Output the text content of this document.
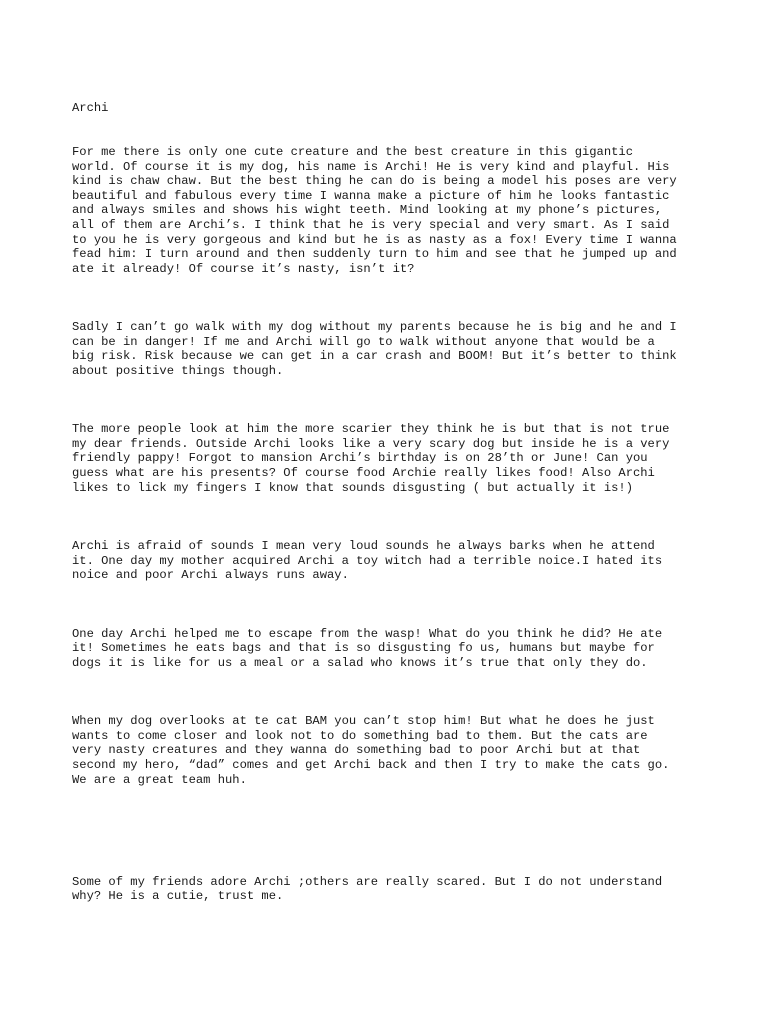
Archi

For me there is only one cute creature and the best creature in this gigantic
world. Of course it is my dog, his name is Archi! He is very kind and playful. His
kind is chaw chaw. But the best thing he can do is being a model his poses are very
beautiful and fabulous every time I wanna make a picture of him he looks fantastic
and always smiles and shows his wight teeth. Mind looking at my phone’s pictures,
all of them are Archi’s. I think that he is very special and very smart. As I said
to you he is very gorgeous and kind but he is as nasty as a fox! Every time I wanna
fead him: I turn around and then suddenly turn to him and see that he jumped up and
ate it already! Of course it’s nasty, isn’t it?

Sadly I can’t go walk with my dog without my parents because he is big and he and I
can be in danger! If me and Archi will go to walk without anyone that would be a
big risk. Risk because we can get in a car crash and BOOM! But it’s better to think
about positive things though.

The more people look at him the more scarier they think he is but that is not true
my dear friends. Outside Archi looks like a very scary dog but inside he is a very
friendly pappy! Forgot to mansion Archi’s birthday is on 28’th or June! Can you
guess what are his presents? Of course food Archie really likes food! Also Archi
likes to lick my fingers I know that sounds disgusting ( but actually it is!)

Archi is afraid of sounds I mean very loud sounds he always barks when he attend
it. One day my mother acquired Archi a toy witch had a terrible noice.I hated its
noice and poor Archi always runs away.

One day Archi helped me to escape from the wasp! What do you think he did? He ate
it! Sometimes he eats bags and that is so disgusting fo us, humans but maybe for
dogs it is like for us a meal or a salad who knows it’s true that only they do.

When my dog overlooks at te cat BAM you can’t stop him! But what he does he just
wants to come closer and look not to do something bad to them. But the cats are
very nasty creatures and they wanna do something bad to poor Archi but at that
second my hero, “dad” comes and get Archi back and then I try to make the cats go.
We are a great team huh.

Some of my friends adore Archi ;others are really scared. But I do not understand
why? He is a cutie, trust me.
